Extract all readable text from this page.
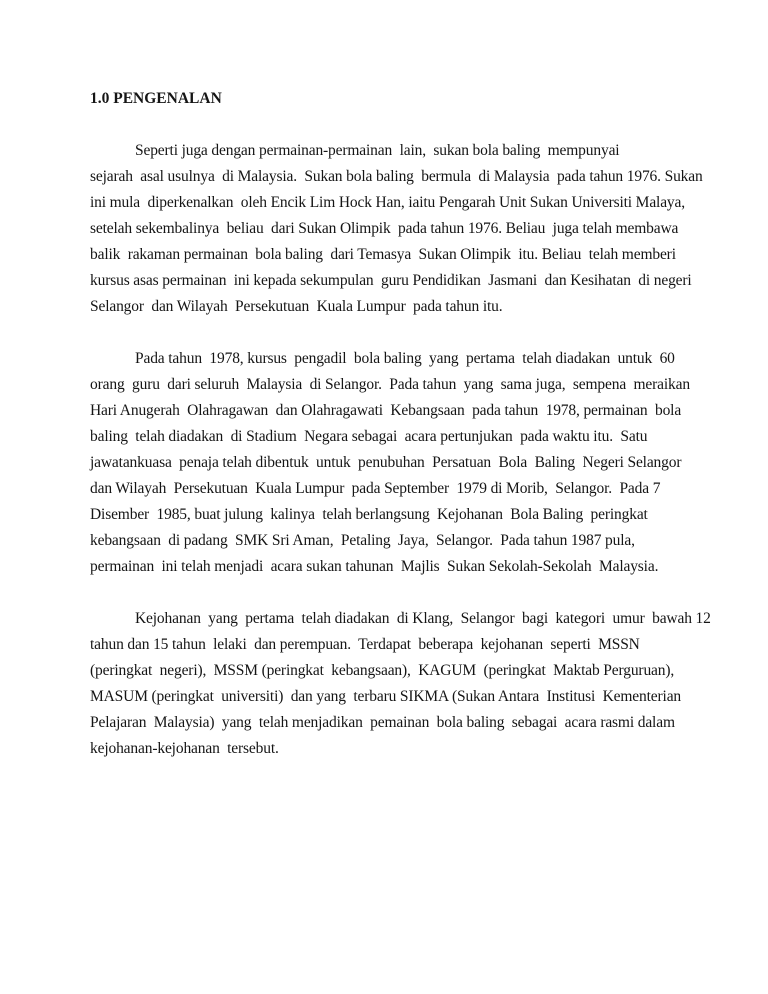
1.0 PENGENALAN
Seperti juga dengan permainan-permainan  lain,  sukan bola baling  mempunyai
sejarah  asal usulnya  di Malaysia.  Sukan bola baling  bermula  di Malaysia  pada tahun 1976. Sukan
ini mula  diperkenalkan  oleh Encik Lim Hock Han, iaitu Pengarah Unit Sukan Universiti Malaya,
setelah sekembalinya  beliau  dari Sukan Olimpik  pada tahun 1976. Beliau  juga telah membawa
balik  rakaman permainan  bola baling  dari Temasya  Sukan Olimpik  itu. Beliau  telah memberi
kursus asas permainan  ini kepada sekumpulan  guru Pendidikan  Jasmani  dan Kesihatan  di negeri
Selangor  dan Wilayah  Persekutuan  Kuala Lumpur  pada tahun itu.
Pada tahun  1978, kursus  pengadil  bola baling  yang  pertama  telah diadakan  untuk  60
orang  guru  dari seluruh  Malaysia  di Selangor.  Pada tahun  yang  sama juga,  sempena  meraikan
Hari Anugerah  Olahragawan  dan Olahragawati  Kebangsaan  pada tahun  1978, permainan  bola
baling  telah diadakan  di Stadium  Negara sebagai  acara pertunjukan  pada waktu itu.  Satu
jawatankuasa  penaja telah dibentuk  untuk  penubuhan  Persatuan  Bola  Baling  Negeri Selangor
dan Wilayah  Persekutuan  Kuala Lumpur  pada September  1979 di Morib,  Selangor.  Pada 7
Disember  1985, buat julung  kalinya  telah berlangsung  Kejohanan  Bola Baling  peringkat
kebangsaan  di padang  SMK Sri Aman,  Petaling  Jaya,  Selangor.  Pada tahun 1987 pula,
permainan  ini telah menjadi  acara sukan tahunan  Majlis  Sukan Sekolah-Sekolah  Malaysia.
Kejohanan  yang  pertama  telah diadakan  di Klang,  Selangor  bagi  kategori  umur  bawah 12
tahun dan 15 tahun  lelaki  dan perempuan.  Terdapat  beberapa  kejohanan  seperti  MSSN
(peringkat  negeri),  MSSM (peringkat  kebangsaan),  KAGUM  (peringkat  Maktab Perguruan),
MASUM (peringkat  universiti)  dan yang  terbaru SIKMA (Sukan Antara  Institusi  Kementerian
Pelajaran  Malaysia)  yang  telah menjadikan  pemainan  bola baling  sebagai  acara rasmi dalam
kejohanan-kejohanan  tersebut.
